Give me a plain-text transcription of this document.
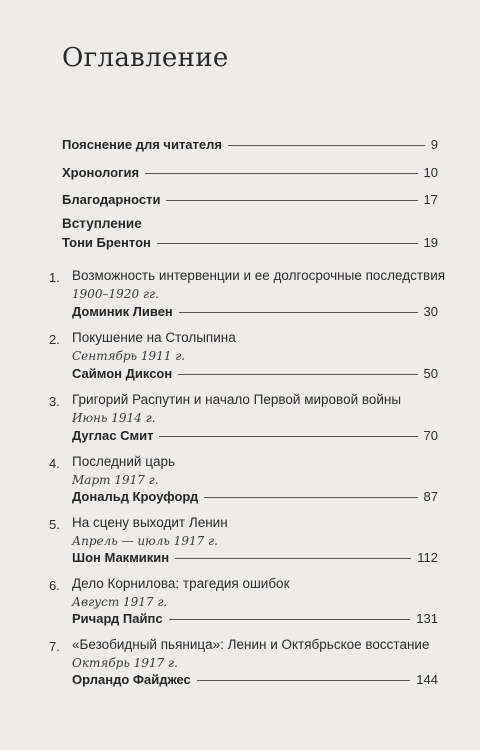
Оглавление
Пояснение для читателя	9
Хронология	10
Благодарности	17
Вступление
Тони Брентон	19
1. Возможность интервенции и ее долгосрочные последствия
1900–1920 гг.
Доминик Ливен	30
2. Покушение на Столыпина
Сентябрь 1911 г.
Саймон Диксон	50
3. Григорий Распутин и начало Первой мировой войны
Июнь 1914 г.
Дуглас Смит	70
4. Последний царь
Март 1917 г.
Дональд Кроуфорд	87
5. На сцену выходит Ленин
Апрель — июль 1917 г.
Шон Макмикин	112
6. Дело Корнилова: трагедия ошибок
Август 1917 г.
Ричард Пайпс	131
7. «Безобидный пьяница»: Ленин и Октябрьское восстание
Октябрь 1917 г.
Орландо Файджес	144
